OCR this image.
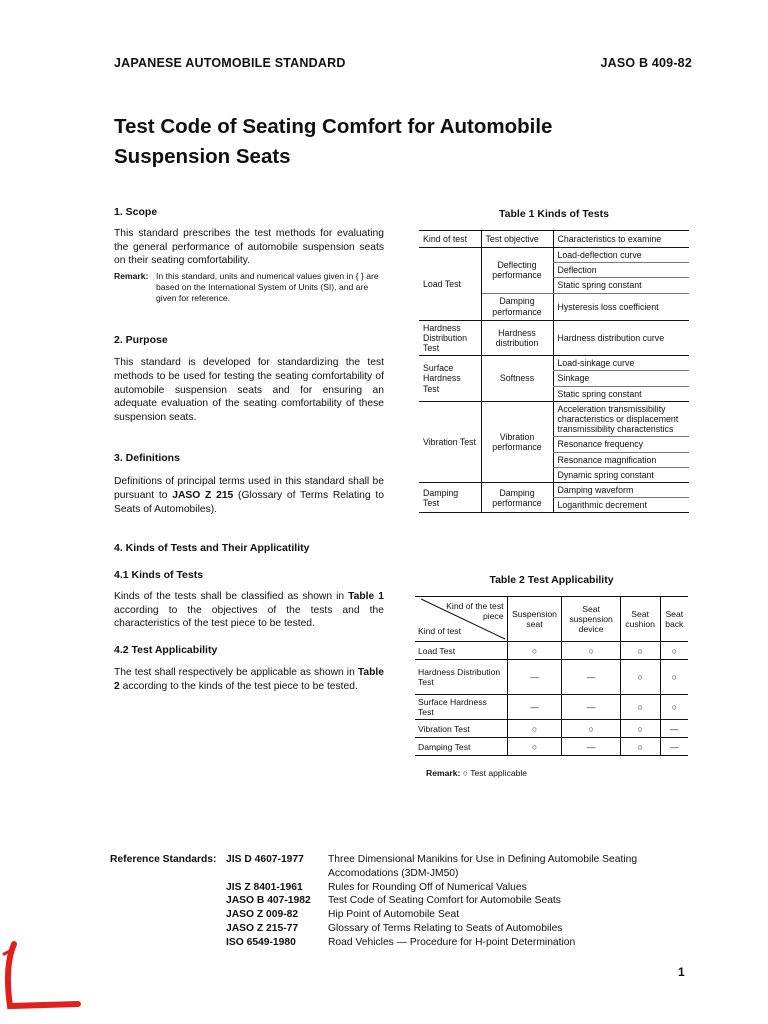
JAPANESE AUTOMOBILE STANDARD	JASO B 409-82
Test Code of Seating Comfort for Automobile Suspension Seats
1. Scope
This standard prescribes the test methods for evaluating the general performance of automobile suspension seats on their seating comfortability.
Remark: In this standard, units and numerical values given in { } are based on the International System of Units (SI), and are given for reference.
2. Purpose
This standard is developed for standardizing the test methods to be used for testing the seating comfortability of automobile suspension seats and for ensuring an adequate evaluation of the seating comfortability of these suspension seats.
3. Definitions
Definitions of principal terms used in this standard shall be pursuant to JASO Z 215 (Glossary of Terms Relating to Seats of Automobiles).
4. Kinds of Tests and Their Applicatility
4.1 Kinds of Tests
Kinds of the tests shall be classified as shown in Table 1 according to the objectives of the tests and the characteristics of the test piece to be tested.
4.2 Test Applicability
The test shall respectively be applicable as shown in Table 2 according to the kinds of the test piece to be tested.
Table 1 Kinds of Tests
Kind of test	Test objective	Characteristics to examine
Load Test	Deflecting performance	Load-deflection curve
		Deflection
		Static spring constant
	Damping performance	Hysteresis loss coefficient
Hardness Distribution Test	Hardness distribution	Hardness distribution curve
Surface Hardness Test	Softness	Load-sinkage curve
		Sinkage
		Static spring constant
Vibration Test	Vibration performance	Acceleration transmissibility characteristics or displacement transmissibility characteristics
		Resonance frequency
		Resonance magnification
		Dynamic spring constant
Damping Test	Damping performance	Damping waveform
		Logarithmic decrement
Table 2 Test Applicability
Kind of the test piece
Kind of test	Suspension seat	Seat suspension device	Seat cushion	Seat back
Load Test	○	○	○	○
Hardness Distribution Test	—	—	○	○
Surface Hardness Test	—	—	○	○
Vibration Test	○	○	○	—
Damping Test	○	—	○	—
Remark: ○ Test applicable
Reference Standards: JIS D 4607-1977	Three Dimensional Manikins for Use in Defining Automobile Seating Accomodations (3DM-JM50)
JIS Z 8401-1961	Rules for Rounding Off of Numerical Values
JASO B 407-1982	Test Code of Seating Comfort for Automobile Seats
JASO Z 009-82	Hip Point of Automobile Seat
JASO Z 215-77	Glossary of Terms Relating to Seats of Automobiles
ISO 6549-1980	Road Vehicles — Procedure for H-point Determination
1
